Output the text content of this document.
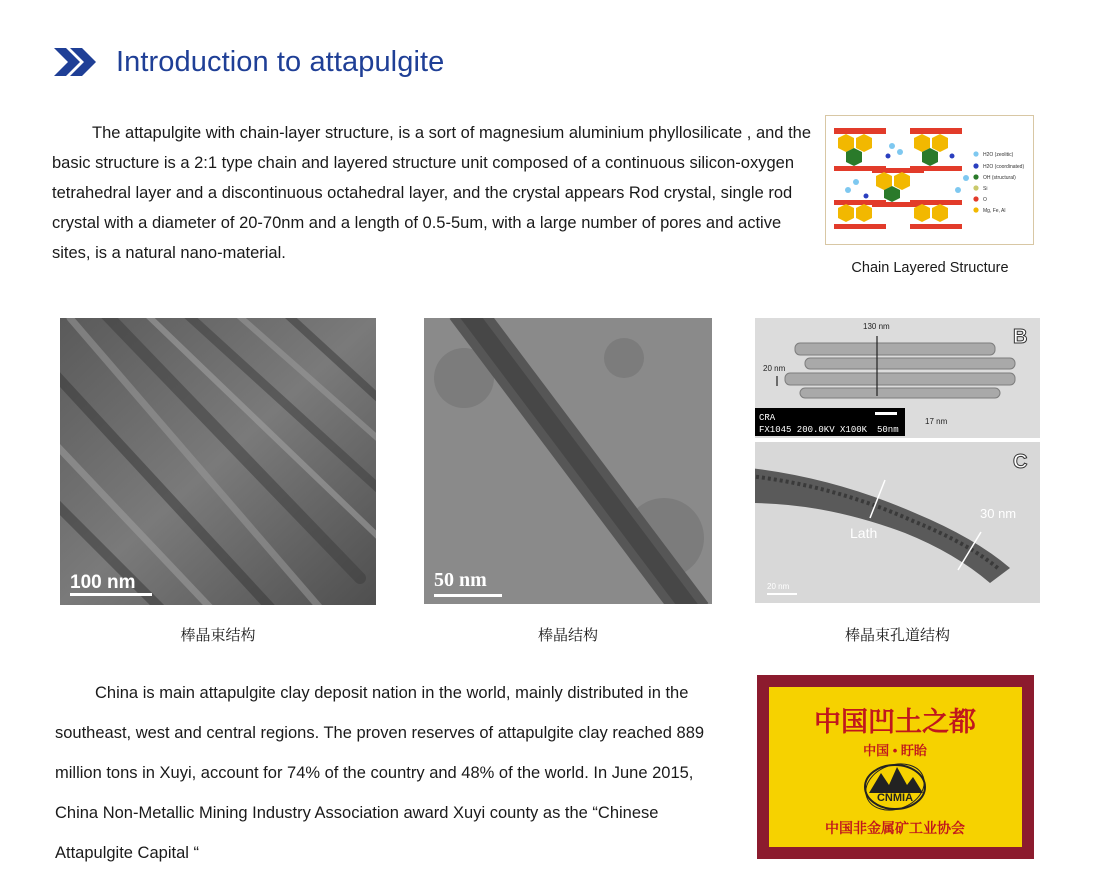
Introduction to attapulgite

The attapulgite with chain-layer structure, is a sort of magnesium aluminium phyllosilicate , and the basic structure is a 2:1 type chain and layered structure unit composed of a continuous silicon-oxygen tetrahedral layer and a discontinuous octahedral layer, and the crystal appears Rod crystal, single rod crystal with a diameter of 20-70nm and a length of 0.5-5um, with a large number of pores and active sites, is a natural nano-material.

H2O (zeolitic)
H2O (coordinated)
OH (structural)
Si
O
Mg, Fe, Al
Chain Layered Structure
100 nm
棒晶束结构
50 nm
棒晶结构
CRA
FX1045 200.0KV X100K 50nm
130 nm
20 nm
17 nm
B
Lath
30 nm
20 nm
C
棒晶束孔道结构

China is main attapulgite clay deposit nation in the world, mainly distributed in the southeast, west and central regions. The proven reserves of attapulgite clay reached 889 million tons in Xuyi, account for 74% of the country and 48% of the world. In June 2015, China Non-Metallic Mining Industry Association award Xuyi county as the “Chinese Attapulgite Capital “

中国凹土之都
中国 • 盱眙
CNMIA
中国非金属矿工业协会
